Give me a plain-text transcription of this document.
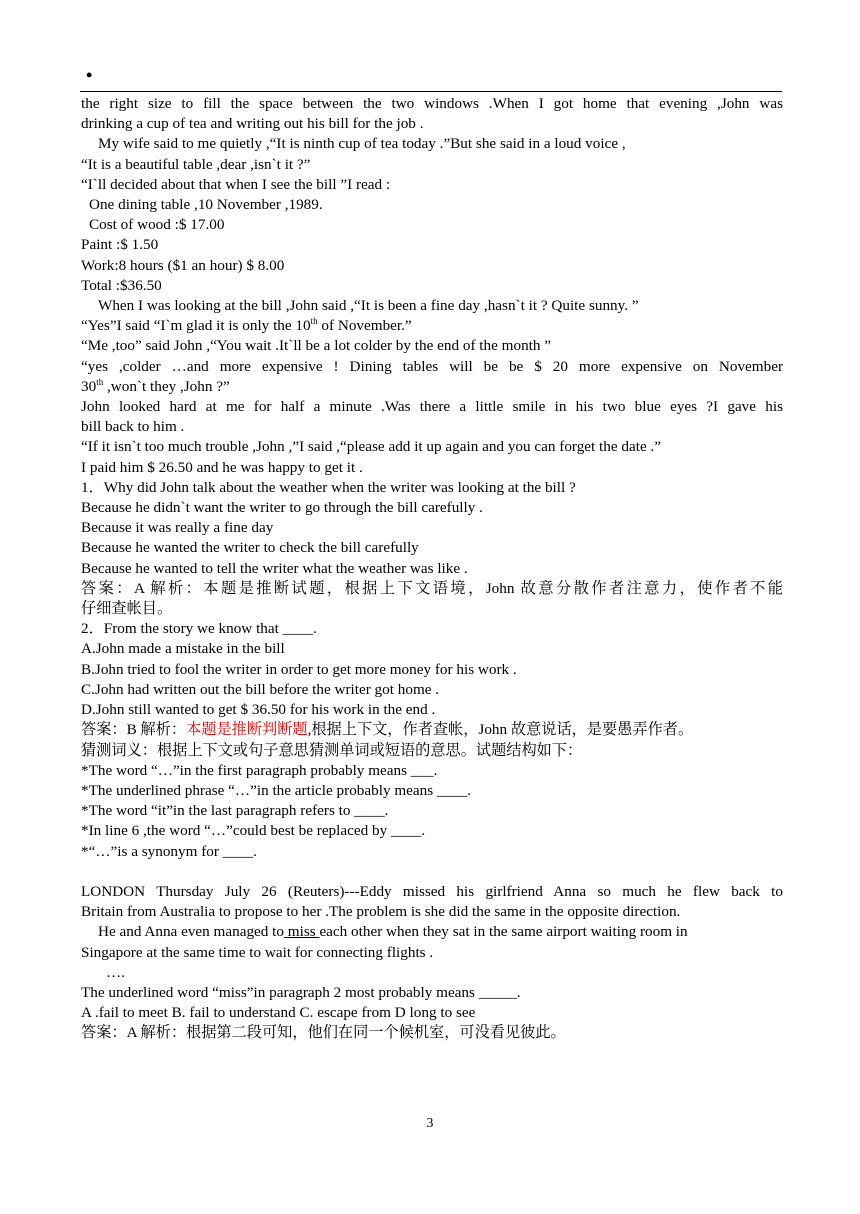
•
the right size to fill the space between the two windows .When I got home that evening ,John was
drinking a cup of tea and writing out his bill for the job .
My wife said to me quietly ,“It is ninth cup of tea today .”But she said in a loud voice ,
“It is a beautiful table ,dear ,isn`t it ?”
“I`ll decided about that when I see the bill ”I read :
One dining table ,10 November ,1989.
Cost of wood :$ 17.00
Paint :$ 1.50
Work:8 hours ($1 an hour) $ 8.00
Total :$36.50
When I was looking at the bill ,John said ,“It is been a fine day ,hasn`t it ? Quite sunny. ”
“Yes”I said “I`m glad it is only the 10th of November.”
“Me ,too” said John ,“You wait .It`ll be a lot colder by the end of the month ”
“yes ,colder …and more expensive ! Dining tables will be be $ 20 more expensive on November
30th ,won`t they ,John ?”
John looked hard at me for half a minute .Was there a little smile in his two blue eyes ?I gave his
bill back to him .
“If it isn`t too much trouble ,John ,”I said ,“please add it up again and you can forget the date .”
I paid him $ 26.50 and he was happy to get it .
1．Why did John talk about the weather when the writer was looking at the bill ?
Because he didn`t want the writer to go through the bill carefully .
Because it was really a fine day
Because he wanted the writer to check the bill carefully
Because he wanted to tell the writer what the weather was like .
答案：A 解析：本题是推断试题，根据上下文语境，John 故意分散作者注意力，使作者不能
仔细查帐目。
2．From the story we know that ____.
A.John made a mistake in the bill
B.John tried to fool the writer in order to get more money for his work .
C.John had written out the bill before the writer got home .
D.John still wanted to get $ 36.50 for his work in the end .
答案：B 解析：本题是推断判断题,根据上下文，作者查帐，John 故意说话，是要愚弄作者。
猜测词义：根据上下文或句子意思猜测单词或短语的意思。试题结构如下：
*The word “…”in the first paragraph probably means ___.
*The underlined phrase “…”in the article probably means ____.
*The word “it”in the last paragraph refers to ____.
*In line 6 ,the word “…”could best be replaced by ____.
*“…”is a synonym for ____.
LONDON Thursday July 26 (Reuters)---Eddy missed his girlfriend Anna so much he flew back to
Britain from Australia to propose to her .The problem is she did the same in the opposite direction.
He and Anna even managed to miss each other when they sat in the same airport waiting room in
Singapore at the same time to wait for connecting flights .
….
The underlined word “miss”in paragraph 2 most probably means _____.
A .fail to meet B. fail to understand C. escape from D long to see
答案：A 解析：根据第二段可知，他们在同一个候机室，可没看见彼此。
3
